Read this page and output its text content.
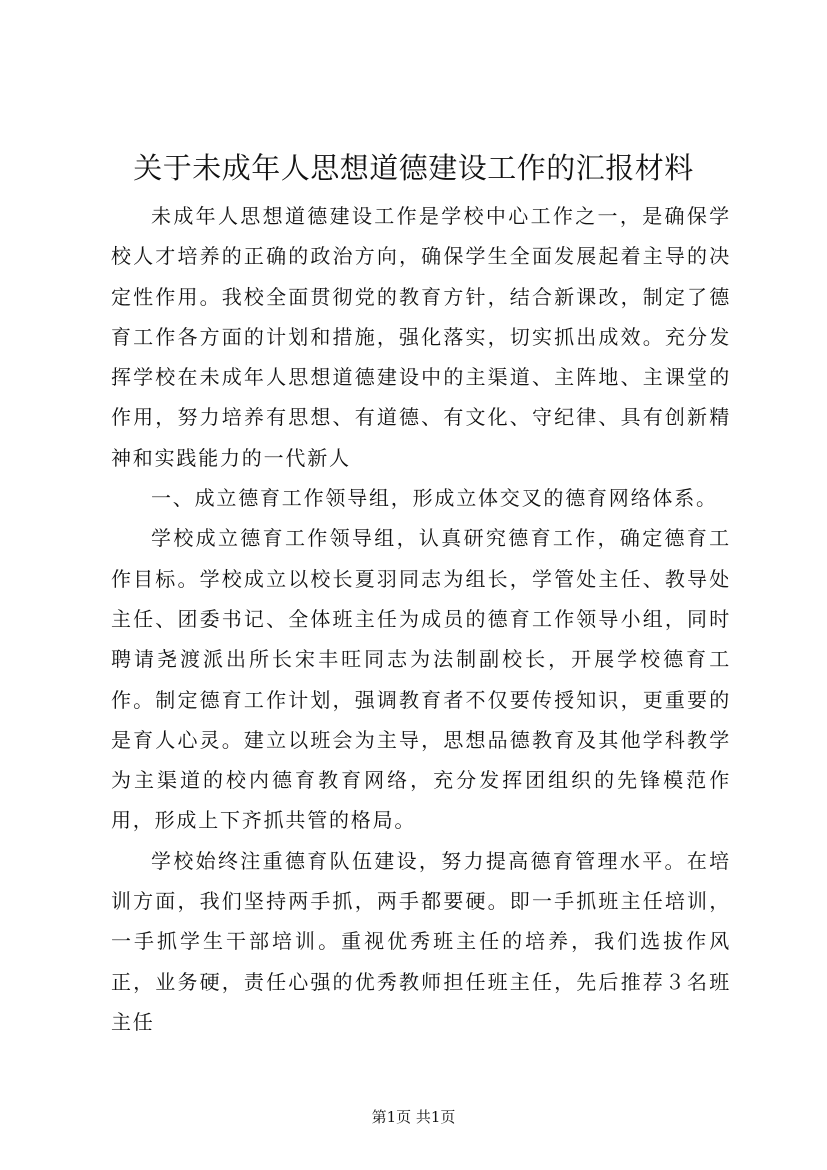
关于未成年人思想道德建设工作的汇报材料

未成年人思想道德建设工作是学校中心工作之一，是确保学校人才培养的正确的政治方向，确保学生全面发展起着主导的决定性作用。我校全面贯彻党的教育方针，结合新课改，制定了德育工作各方面的计划和措施，强化落实，切实抓出成效。充分发挥学校在未成年人思想道德建设中的主渠道、主阵地、主课堂的作用，努力培养有思想、有道德、有文化、守纪律、具有创新精神和实践能力的一代新人

一、成立德育工作领导组，形成立体交叉的德育网络体系。

学校成立德育工作领导组，认真研究德育工作，确定德育工作目标。学校成立以校长夏羽同志为组长，学管处主任、教导处主任、团委书记、全体班主任为成员的德育工作领导小组，同时聘请尧渡派出所长宋丰旺同志为法制副校长，开展学校德育工作。制定德育工作计划，强调教育者不仅要传授知识，更重要的是育人心灵。建立以班会为主导，思想品德教育及其他学科教学为主渠道的校内德育教育网络，充分发挥团组织的先锋模范作用，形成上下齐抓共管的格局。

学校始终注重德育队伍建设，努力提高德育管理水平。在培训方面，我们坚持两手抓，两手都要硬。即一手抓班主任培训，一手抓学生干部培训。重视优秀班主任的培养，我们选拔作风正，业务硬，责任心强的优秀教师担任班主任，先后推荐３名班主任

第1页 共1页
